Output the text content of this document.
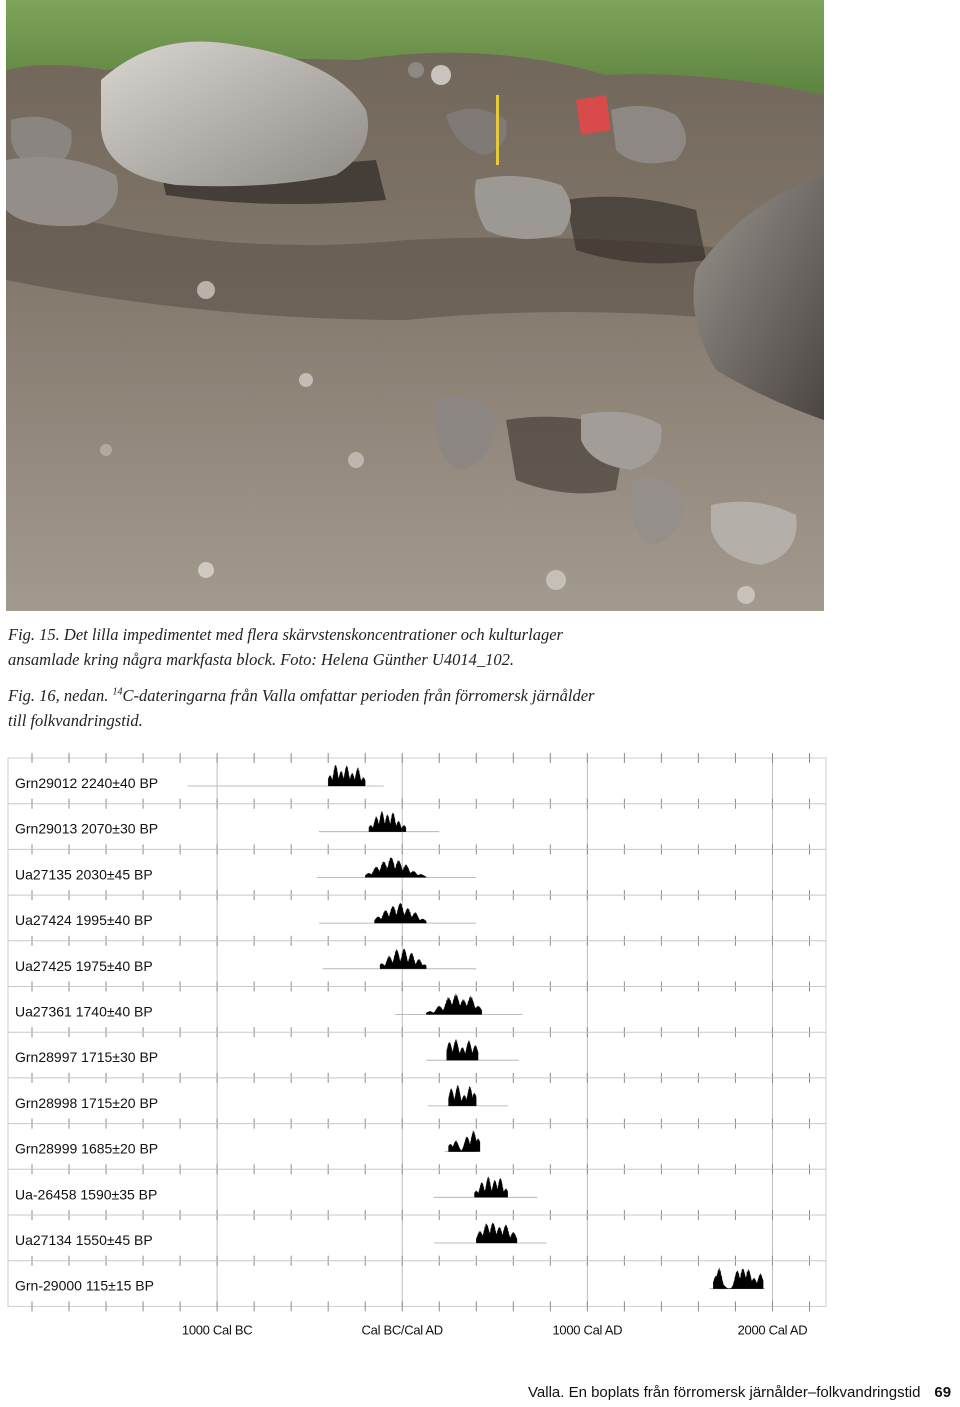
Fig. 15. Det lilla impedimentet med flera skärvstenskoncentrationer och kulturlager

ansamlade kring några markfasta block. Foto: Helena Günther U4014_102.

Fig. 16, nedan. $^{14}$C-dateringarna från Valla omfattar perioden från förromersk järnålder

till folkvandringstid.

Grn29012 2240±40 BP
Grn29013 2070±30 BP
Ua27135 2030±45 BP
Ua27424 1995±40 BP
Ua27425 1975±40 BP
Ua27361 1740±40 BP
Grn28997 1715±30 BP
Grn28998 1715±20 BP
Grn28999 1685±20 BP
Ua-26458 1590±35 BP
Ua27134 1550±45 BP
Grn-29000 115±15 BP
1000 Cal BC	Cal BC/Cal AD	1000 Cal AD	2000 Cal AD
Valla. En boplats från förromersk järnålder–folkvandringstid 69
